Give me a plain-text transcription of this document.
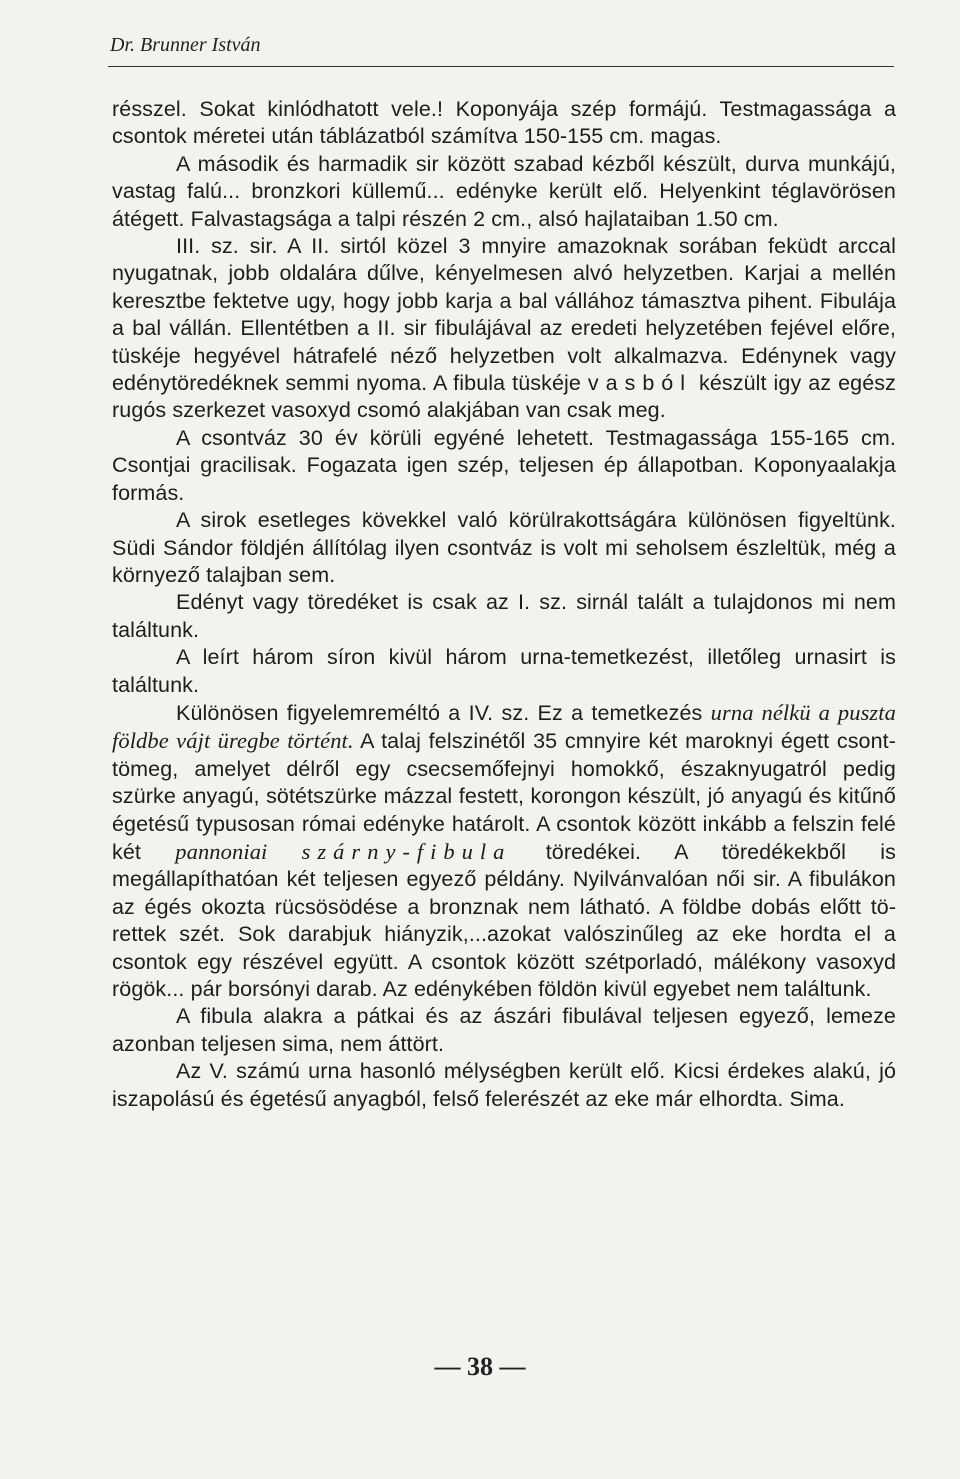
Dr. Brunner István

résszel. Sokat kinlódhatott vele.! Koponyája szép formájú. Testmagassága a csontok méretei után táblázatból számítva 150-155 cm. magas.

A második és harmadik sir között szabad kézből készült, durva munkájú, vastag falú... bronzkori küllemű... edényke került elő. Helyenkint téglavörösen átégett. Falvastagsága a talpi részén 2 cm., alsó hajlataiban 1.50 cm.

III. sz. sir. A II. sirtól közel 3 mnyire amazoknak sorában feküdt arccal nyugatnak, jobb oldalára dűlve, kényelmesen alvó helyzetben. Karjai a mellén keresztbe fektetve ugy, hogy jobb karja a bal vállához támasztva pihent. Fibulája a bal vállán. Ellentétben a II. sir fibulájával az eredeti helyzetében fejével előre, tüskéje hegyével hátrafelé néző helyzetben volt alkalmazva. Edénynek vagy edénytöredéknek semmi nyoma. A fibula tüskéje vasból készült igy az egész rugós szerkezet vasoxyd csomó alakjában van csak meg.

A csontváz 30 év körüli egyéné lehetett. Testmagassága 155-165 cm. Csontjai gracilisak. Fogazata igen szép, teljesen ép állapotban. Koponyaalakja formás.

A sirok esetleges kövekkel való körülrakottságára különösen figyeltünk. Südi Sándor földjén állítólag ilyen csontváz is volt mi seholsem észleltük, még a környező talajban sem.

Edényt vagy töredéket is csak az I. sz. sirnál talált a tulajdonos mi nem találtunk.

A leírt három síron kivül három urna-temetkezést, illetőleg urnasirt is találtunk.

Különösen figyelemreméltó a IV. sz. Ez a temetkezés urna nélkü a puszta földbe vájt üregbe történt. A talaj felszinétől 35 cmnyire két maroknyi égett csont-tömeg, amelyet délről egy csecsemőfejnyi homokkő, északnyugatról pedig szürke anyagú, sötétszürke mázzal festett, korongon készült, jó anyagú és kitűnő égetésű typusosan római edényke határolt. A csontok között inkább a felszin felé két pannoniai szárny-fibula töredékei. A töredékekből is megállapíthatóan két teljesen egyező példány. Nyilvánvalóan női sir. A fibulákon az égés okozta rücsösödése a bronznak nem látható. A földbe dobás előtt törettek szét. Sok darabjuk hiányzik,...azokat valószinűleg az eke hordta el a csontok egy részével együtt. A csontok között szétporladó, málékony vasoxyd rögök... pár borsónyi darab. Az edénykében földön kivül egyebet nem találtunk.

A fibula alakra a pátkai és az ászári fibulával teljesen egyező, lemeze azonban teljesen sima, nem áttört.

Az V. számú urna hasonló mélységben került elő. Kicsi érdekes alakú, jó iszapolású és égetésű anyagból, felső felerészét az eke már elhordta. Sima.

— 38 —
